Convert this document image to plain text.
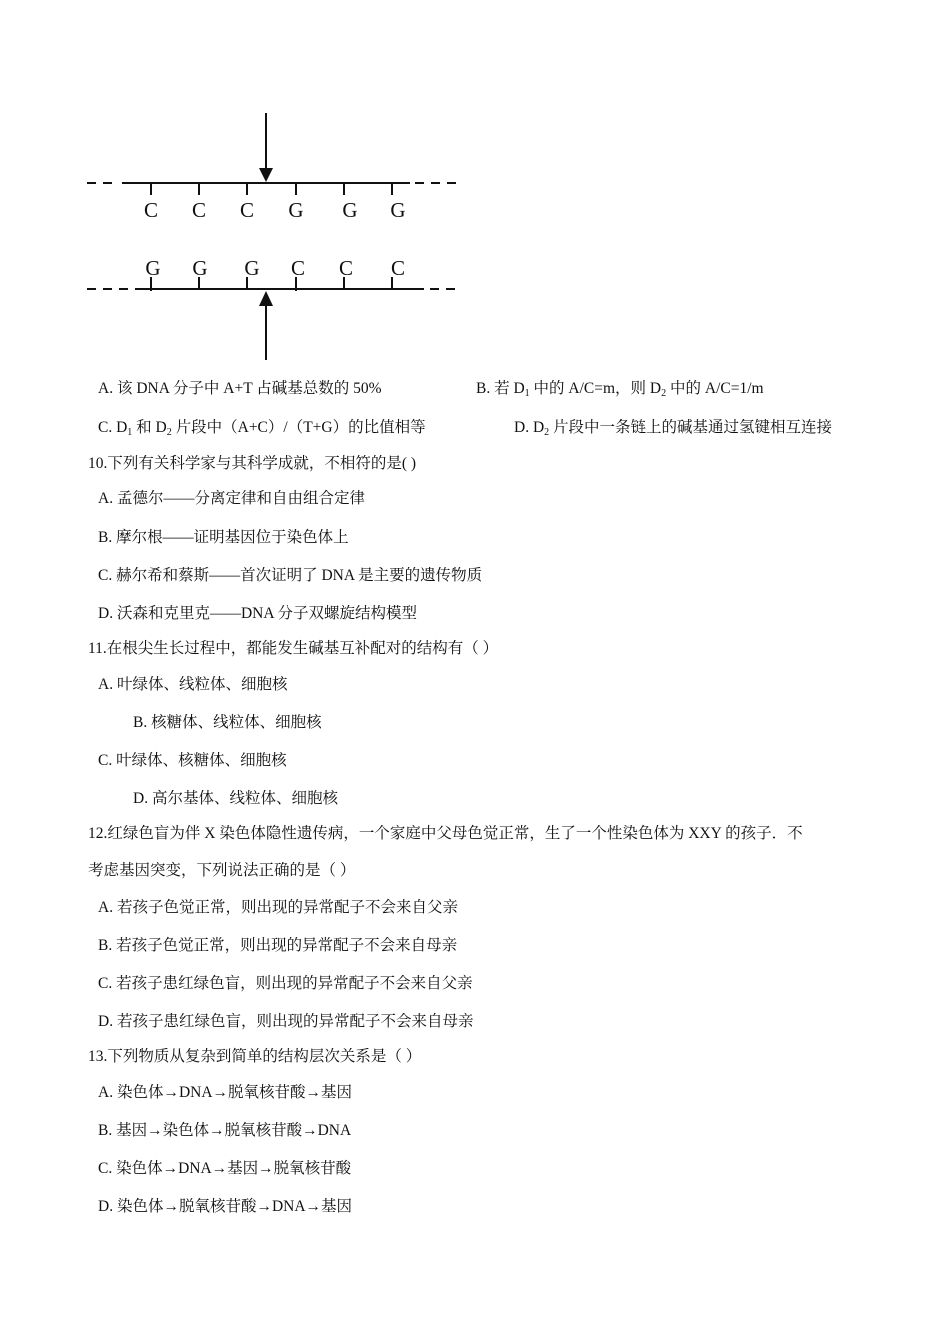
C C C G G G
G G G C C C
A. 该 DNA 分子中 A+T 占碱基总数的 50%	B. 若 $D_1$ 中的 A/C=m，则 $D_2$ 中的 A/C=1/m
C. $D_1$ 和 $D_2$ 片段中（A+C）/（T+G）的比值相等	D. $D_2$ 片段中一条链上的碱基通过氢键相互连接
10.下列有关科学家与其科学成就，不相符的是( )
A. 孟德尔——分离定律和自由组合定律
B. 摩尔根——证明基因位于染色体上
C. 赫尔希和蔡斯——首次证明了 DNA 是主要的遗传物质
D. 沃森和克里克——DNA 分子双螺旋结构模型
11.在根尖生长过程中，都能发生碱基互补配对的结构有（ ）
A. 叶绿体、线粒体、细胞核
B. 核糖体、线粒体、细胞核
C. 叶绿体、核糖体、细胞核
D. 高尔基体、线粒体、细胞核
12.红绿色盲为伴 X 染色体隐性遗传病，一个家庭中父母色觉正常，生了一个性染色体为 XXY 的孩子．不
考虑基因突变，下列说法正确的是（ ）
A. 若孩子色觉正常，则出现的异常配子不会来自父亲
B. 若孩子色觉正常，则出现的异常配子不会来自母亲
C. 若孩子患红绿色盲，则出现的异常配子不会来自父亲
D. 若孩子患红绿色盲，则出现的异常配子不会来自母亲
13.下列物质从复杂到简单的结构层次关系是（ ）
A. 染色体→DNA→脱氧核苷酸→基因
B. 基因→染色体→脱氧核苷酸→DNA
C. 染色体→DNA→基因→脱氧核苷酸
D. 染色体→脱氧核苷酸→DNA→基因
